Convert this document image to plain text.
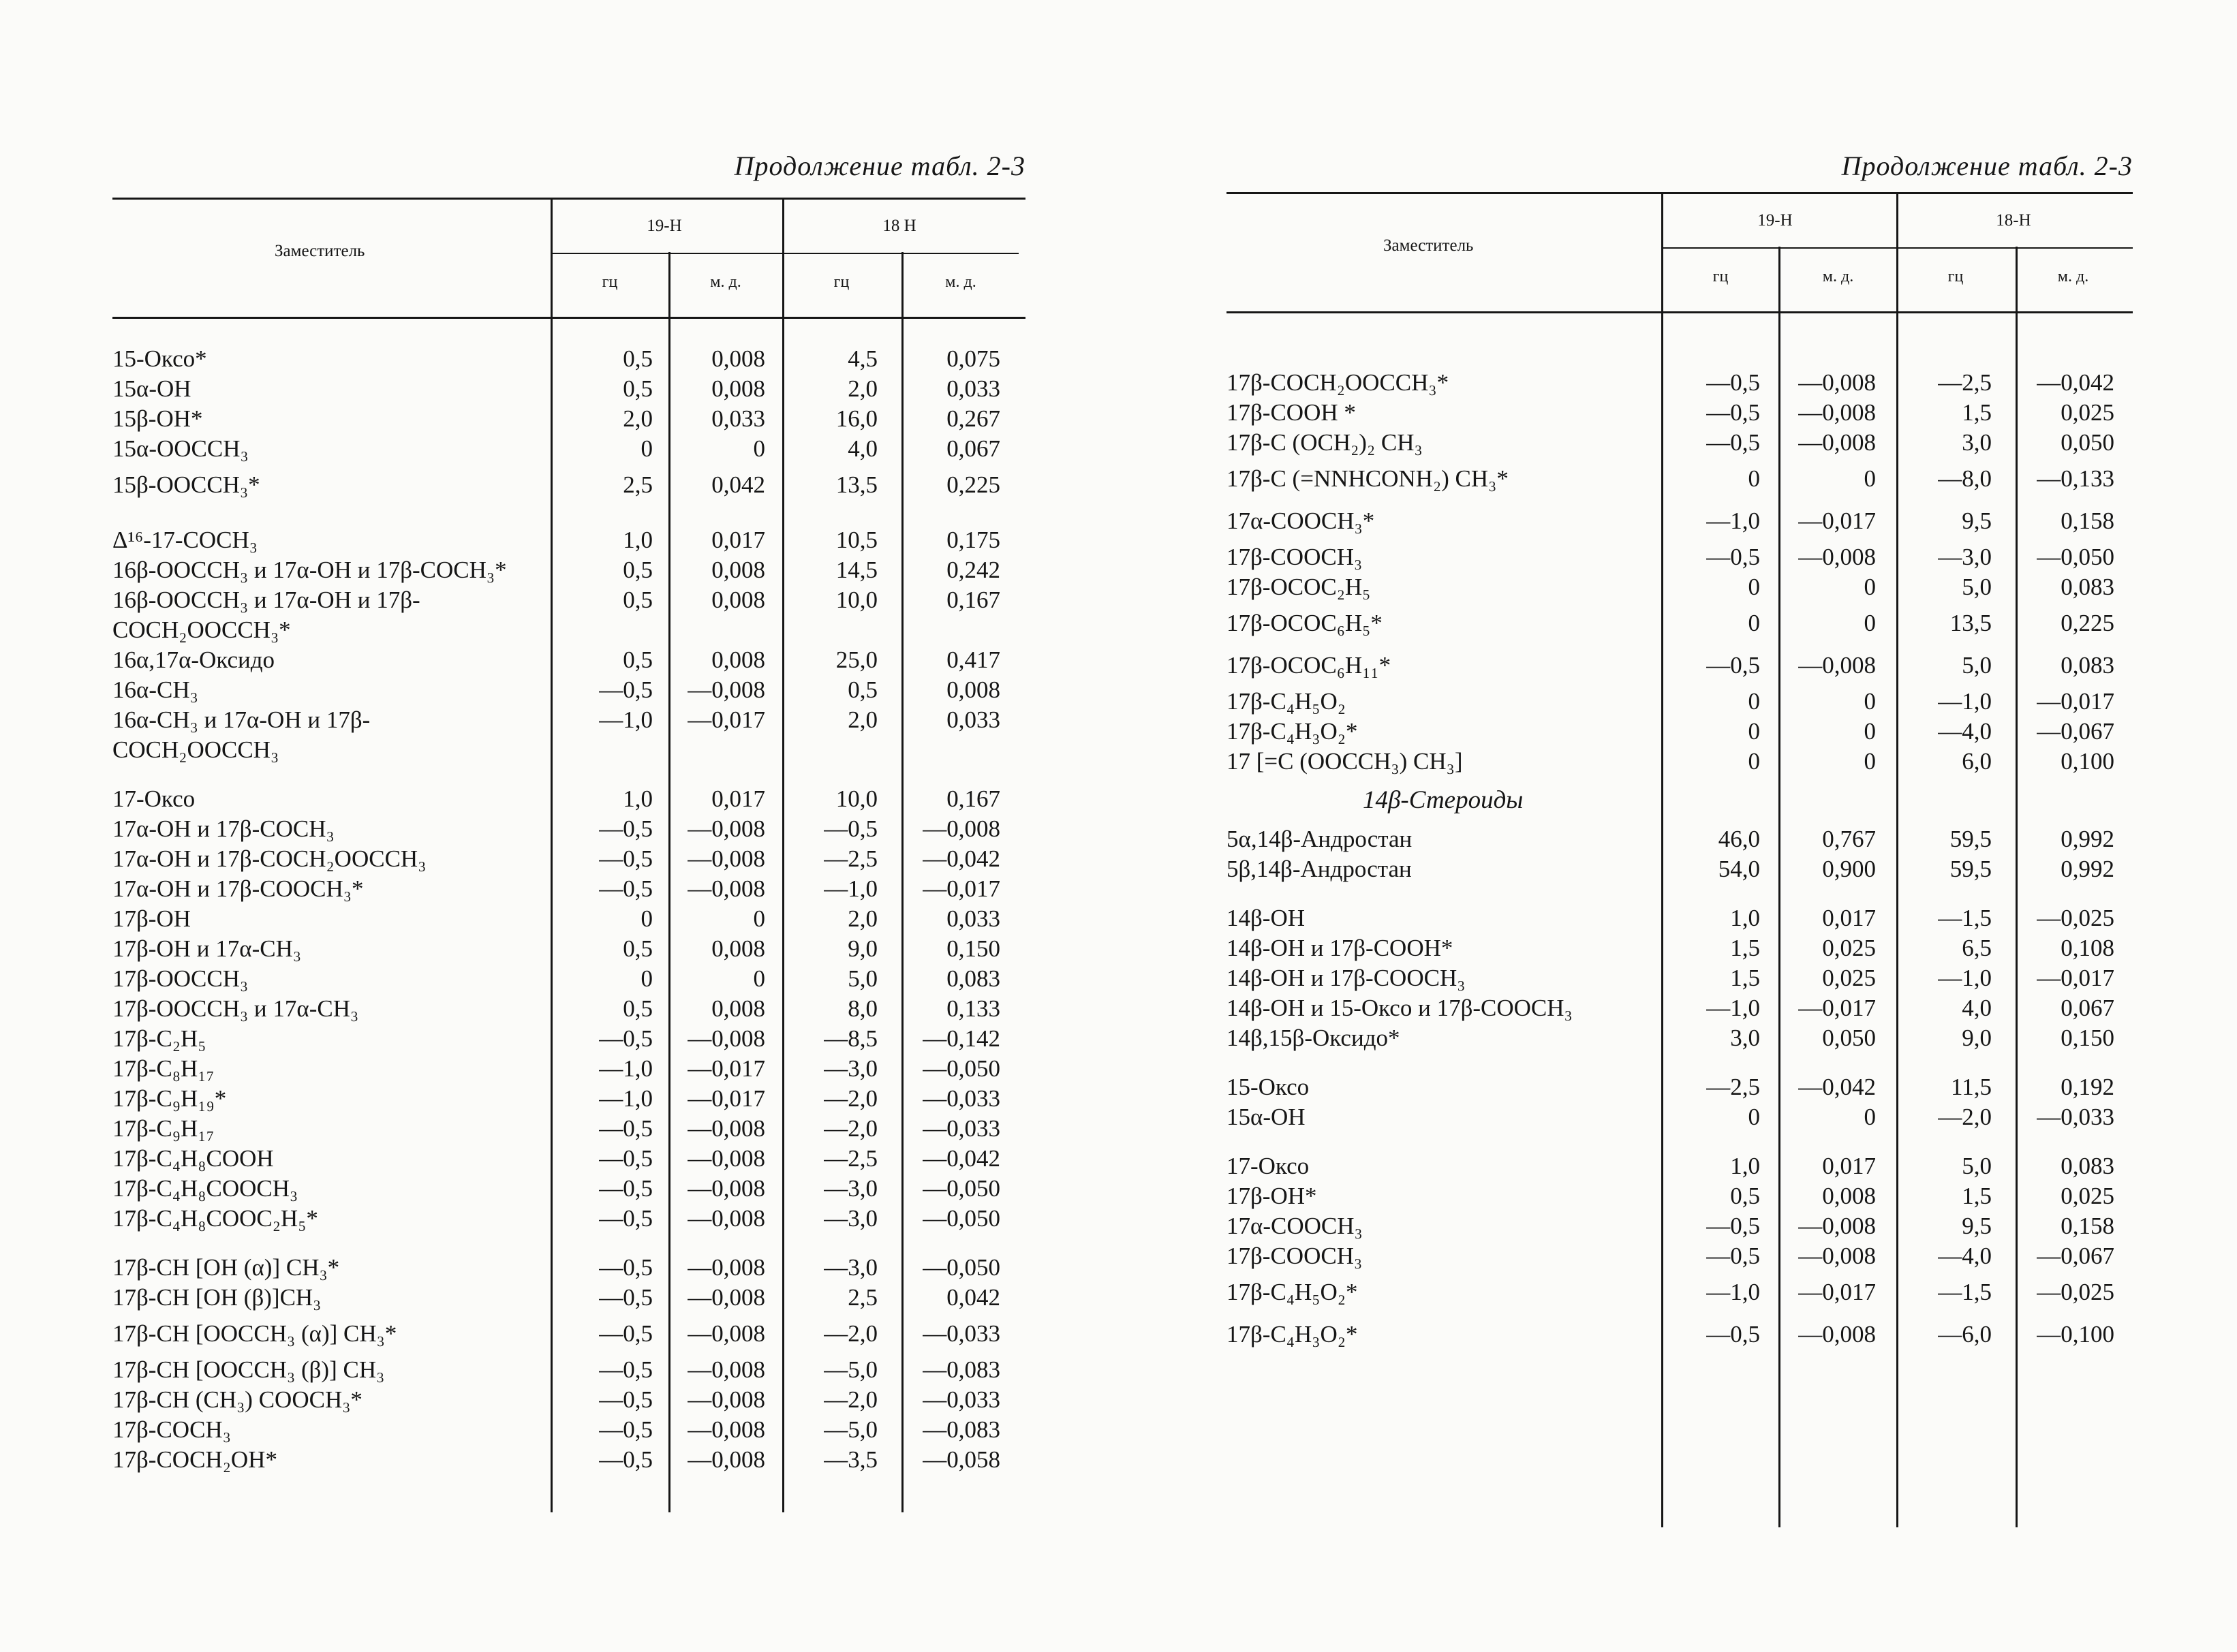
Продолжение табл. 2-3
Заместитель
19-H	18 H
гц	м. д.	гц	м. д.
15-Оксо*	0,5	0,008	4,5	0,075
15α-OH	0,5	0,008	2,0	0,033
15β-OH*	2,0	0,033	16,0	0,267
15α-OOCCH₃	0	0	4,0	0,067
15β-OOCCH₃*	2,5	0,042	13,5	0,225
Δ¹⁶-17-COCH₃	1,0	0,017	10,5	0,175
16β-OOCCH₃ и 17α-OH и 17β-COCH₃*	0,5	0,008	14,5	0,242
16β-OOCCH₃ и 17α-OH и 17β-COCH₂OOCCH₃*
0,5	0,008	10,0	0,167
16α,17α-Оксидо	0,5	0,008	25,0	0,417
16α-CH₃	—0,5	—0,008	0,5	0,008
16α-CH₃ и 17α-OH и 17β-COCH₂OOCCH₃
—1,0	—0,017	2,0	0,033
17-Оксо	1,0	0,017	10,0	0,167
17α-OH и 17β-COCH₃	—0,5	—0,008	—0,5	—0,008
17α-OH и 17β-COCH₂OOCCH₃	—0,5	—0,008	—2,5	—0,042
17α-OH и 17β-COOCH₃*	—0,5	—0,008	—1,0	—0,017
17β-OH	0	0	2,0	0,033
17β-OH и 17α-CH₃	0,5	0,008	9,0	0,150
17β-OOCCH₃	0	0	5,0	0,083
17β-OOCCH₃ и 17α-CH₃	0,5	0,008	8,0	0,133
17β-C₂H₅	—0,5	—0,008	—8,5	—0,142
17β-C₈H₁₇	—1,0	—0,017	—3,0	—0,050
17β-C₉H₁₉*	—1,0	—0,017	—2,0	—0,033
17β-C₉H₁₇	—0,5	—0,008	—2,0	—0,033
17β-C₄H₈COOH	—0,5	—0,008	—2,5	—0,042
17β-C₄H₈COOCH₃	—0,5	—0,008	—3,0	—0,050
17β-C₄H₈COOC₂H₅*	—0,5	—0,008	—3,0	—0,050
17β-CH [OH (α)] CH₃*	—0,5	—0,008	—3,0	—0,050
17β-CH [OH (β)]CH₃	—0,5	—0,008	2,5	0,042
17β-CH [OOCCH₃ (α)] CH₃*	—0,5	—0,008	—2,0	—0,033
17β-CH [OOCCH₃ (β)] CH₃	—0,5	—0,008	—5,0	—0,083
17β-CH (CH₃) COOCH₃*	—0,5	—0,008	—2,0	—0,033
17β-COCH₃	—0,5	—0,008	—5,0	—0,083
17β-COCH₂OH*	—0,5	—0,008	—3,5	—0,058
Продолжение табл. 2-3
Заместитель
19-H	18-H
гц	м. д.	гц	м. д.
17β-COCH₂OOCCH₃*	—0,5	—0,008	—2,5	—0,042
17β-COOH *	—0,5	—0,008	1,5	0,025
17β-C (OCH₂)₂ CH₃	—0,5	—0,008	3,0	0,050
17β-C (=NNHCONH₂) CH₃*	0	0	—8,0	—0,133
17α-COOCH₃*	—1,0	—0,017	9,5	0,158
17β-COOCH₃	—0,5	—0,008	—3,0	—0,050
17β-OCOC₂H₅	0	0	5,0	0,083
17β-OCOC₆H₅*	0	0	13,5	0,225
17β-OCOC₆H₁₁*	—0,5	—0,008	5,0	0,083
17β-C₄H₅O₂	0	0	—1,0	—0,017
17β-C₄H₃O₂*	0	0	—4,0	—0,067
17 [=C (OOCCH₃) CH₃]	0	0	6,0	0,100
14β-Стероиды
5α,14β-Андростан	46,0	0,767	59,5	0,992
5β,14β-Андростан	54,0	0,900	59,5	0,992
14β-OH	1,0	0,017	—1,5	—0,025
14β-OH и 17β-COOH*	1,5	0,025	6,5	0,108
14β-OH и 17β-COOCH₃	1,5	0,025	—1,0	—0,017
14β-OH и 15-Оксо и 17β-COOCH₃	—1,0	—0,017	4,0	0,067
14β,15β-Оксидо*	3,0	0,050	9,0	0,150
15-Оксо	—2,5	—0,042	11,5	0,192
15α-OH	0	0	—2,0	—0,033
17-Оксо	1,0	0,017	5,0	0,083
17β-OH*	0,5	0,008	1,5	0,025
17α-COOCH₃	—0,5	—0,008	9,5	0,158
17β-COOCH₃	—0,5	—0,008	—4,0	—0,067
17β-C₄H₅O₂*	—1,0	—0,017	—1,5	—0,025
17β-C₄H₃O₂*	—0,5	—0,008	—6,0	—0,100
